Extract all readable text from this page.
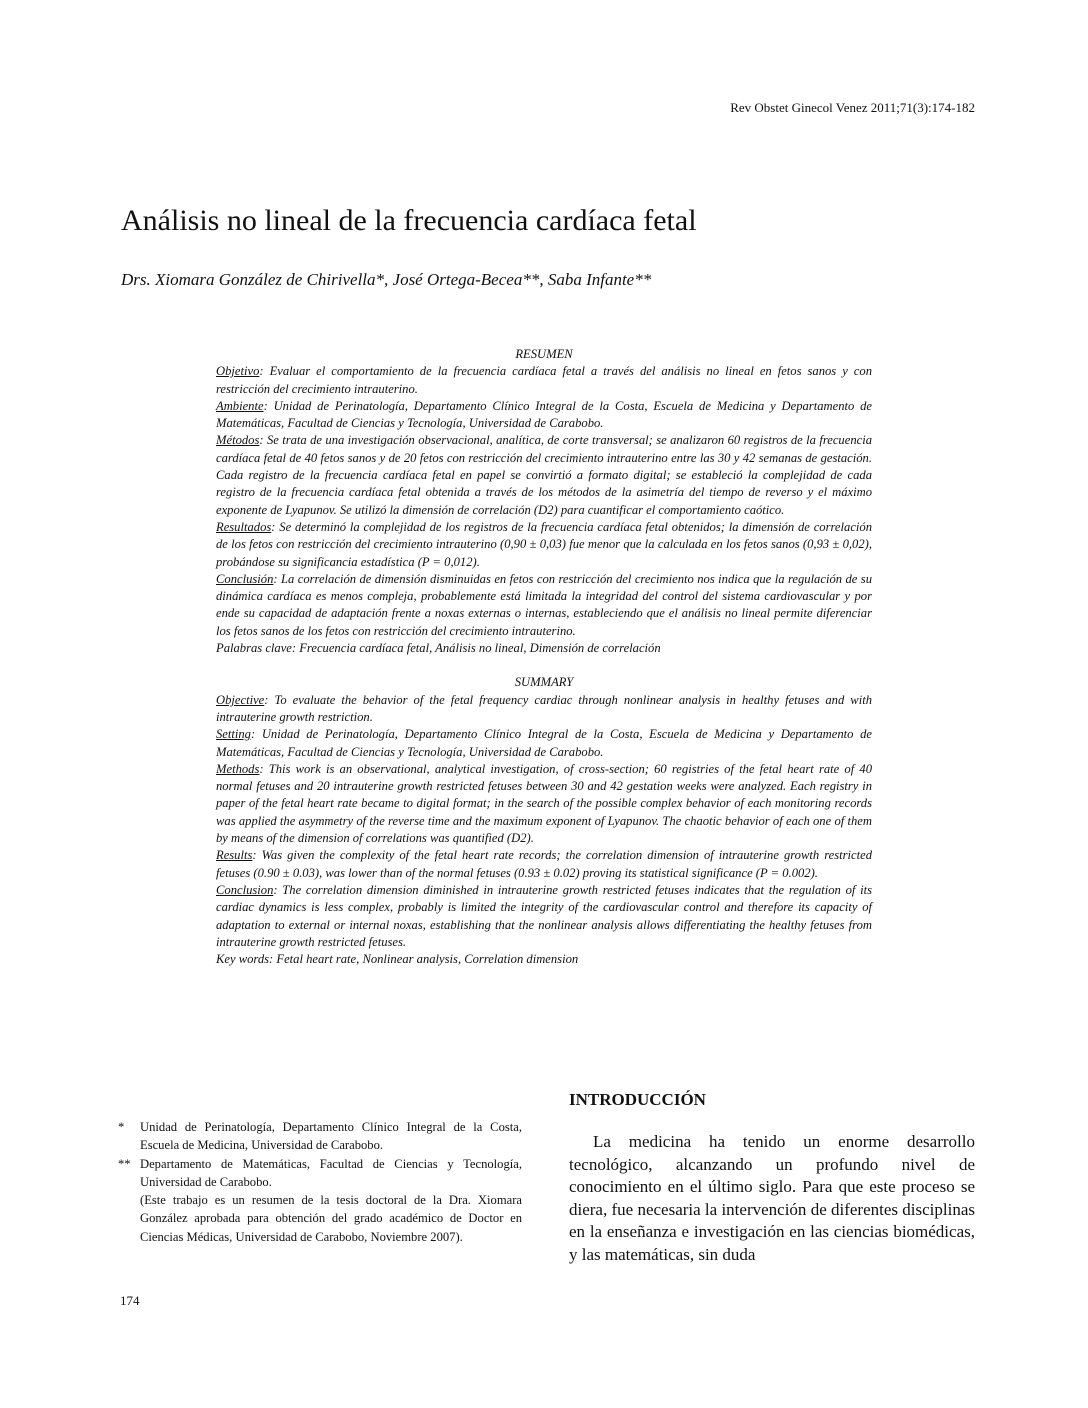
Rev Obstet Ginecol Venez 2011;71(3):174-182
Análisis no lineal de la frecuencia cardíaca fetal
Drs. Xiomara González de Chirivella*, José Ortega-Becea**, Saba Infante**
RESUMEN

Objetivo: Evaluar el comportamiento de la frecuencia cardíaca fetal a través del análisis no lineal en fetos sanos y con restricción del crecimiento intrauterino.

Ambiente: Unidad de Perinatología, Departamento Clínico Integral de la Costa, Escuela de Medicina y Departamento de Matemáticas, Facultad de Ciencias y Tecnología, Universidad de Carabobo.

Métodos: Se trata de una investigación observacional, analítica, de corte transversal; se analizaron 60 registros de la frecuencia cardíaca fetal de 40 fetos sanos y de 20 fetos con restricción del crecimiento intrauterino entre las 30 y 42 semanas de gestación. Cada registro de la frecuencia cardíaca fetal en papel se convirtió a formato digital; se estableció la complejidad de cada registro de la frecuencia cardíaca fetal obtenida a través de los métodos de la asimetría del tiempo de reverso y el máximo exponente de Lyapunov. Se utilizó la dimensión de correlación (D2) para cuantificar el comportamiento caótico.

Resultados: Se determinó la complejidad de los registros de la frecuencia cardíaca fetal obtenidos; la dimensión de correlación de los fetos con restricción del crecimiento intrauterino (0,90 ± 0,03) fue menor que la calculada en los fetos sanos (0,93 ± 0,02), probándose su significancia estadística (P = 0,012).

Conclusión: La correlación de dimensión disminuidas en fetos con restricción del crecimiento nos indica que la regulación de su dinámica cardíaca es menos compleja, probablemente está limitada la integridad del control del sistema cardiovascular y por ende su capacidad de adaptación frente a noxas externas o internas, estableciendo que el análisis no lineal permite diferenciar los fetos sanos de los fetos con restricción del crecimiento intrauterino.

Palabras clave: Frecuencia cardíaca fetal, Análisis no lineal, Dimensión de correlación

SUMMARY

Objective: To evaluate the behavior of the fetal frequency cardiac through nonlinear analysis in healthy fetuses and with intrauterine growth restriction.

Setting: Unidad de Perinatología, Departamento Clínico Integral de la Costa, Escuela de Medicina y Departamento de Matemáticas, Facultad de Ciencias y Tecnología, Universidad de Carabobo.

Methods: This work is an observational, analytical investigation, of cross-section; 60 registries of the fetal heart rate of 40 normal fetuses and 20 intrauterine growth restricted fetuses between 30 and 42 gestation weeks were analyzed. Each registry in paper of the fetal heart rate became to digital format; in the search of the possible complex behavior of each monitoring records was applied the asymmetry of the reverse time and the maximum exponent of Lyapunov. The chaotic behavior of each one of them by means of the dimension of correlations was quantified (D2).

Results: Was given the complexity of the fetal heart rate records; the correlation dimension of intrauterine growth restricted fetuses (0.90 ± 0.03), was lower than of the normal fetuses (0.93 ± 0.02) proving its statistical significance (P = 0.002).

Conclusion: The correlation dimension diminished in intrauterine growth restricted fetuses indicates that the regulation of its cardiac dynamics is less complex, probably is limited the integrity of the cardiovascular control and therefore its capacity of adaptation to external or internal noxas, establishing that the nonlinear analysis allows differentiating the healthy fetuses from intrauterine growth restricted fetuses.

Key words: Fetal heart rate, Nonlinear analysis, Correlation dimension

*	Unidad de Perinatología, Departamento Clínico Integral de la Costa, Escuela de Medicina, Universidad de Carabobo.
** Departamento de Matemáticas, Facultad de Ciencias y Tecnología, Universidad de Carabobo.
(Este trabajo es un resumen de la tesis doctoral de la Dra. Xiomara González aprobada para obtención del grado académico de Doctor en Ciencias Médicas, Universidad de Carabobo, Noviembre 2007).
INTRODUCCIÓN

La medicina ha tenido un enorme desarrollo tecnológico, alcanzando un profundo nivel de conocimiento en el último siglo. Para que este proceso se diera, fue necesaria la intervención de diferentes disciplinas en la enseñanza e investigación en las ciencias biomédicas, y las matemáticas, sin duda

174
